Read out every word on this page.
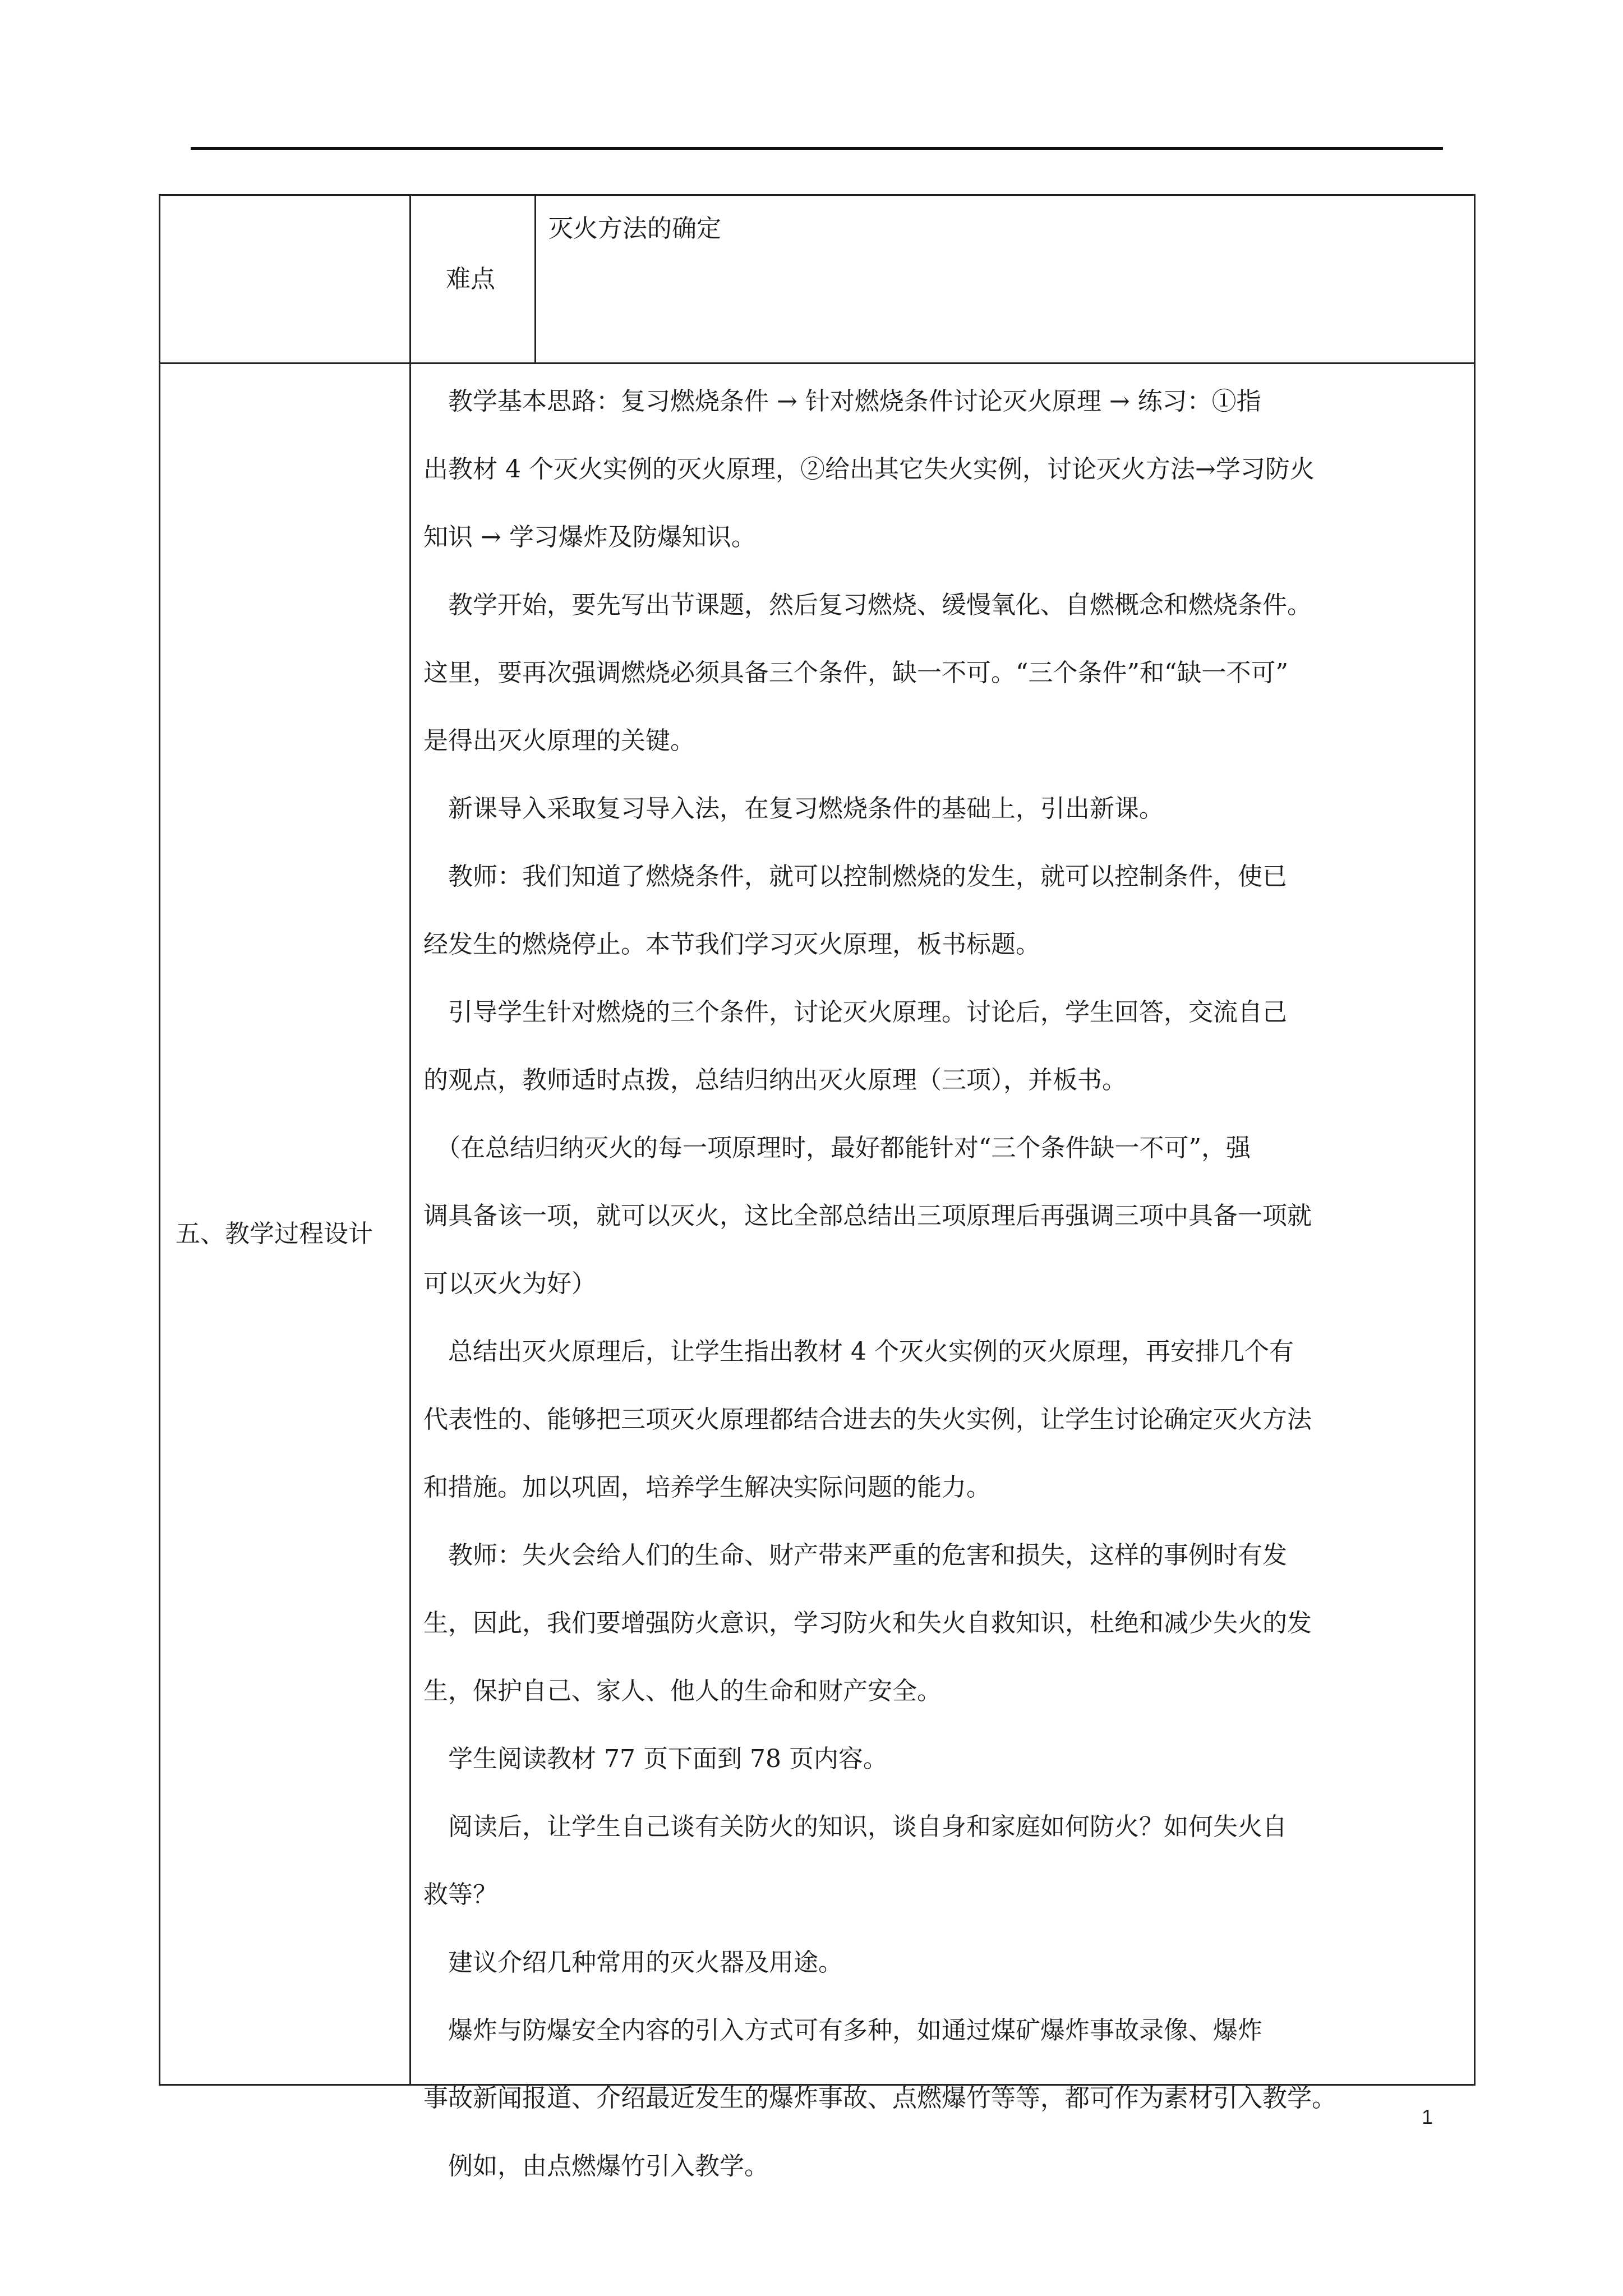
难点
灭火方法的确定
五、教学过程设计
　教学基本思路：复习燃烧条件 → 针对燃烧条件讨论灭火原理 → 练习：①指
出教材 4 个灭火实例的灭火原理，②给出其它失火实例，讨论灭火方法→学习防火
知识 → 学习爆炸及防爆知识。
　教学开始，要先写出节课题，然后复习燃烧、缓慢氧化、自燃概念和燃烧条件。
这里，要再次强调燃烧必须具备三个条件，缺一不可。“三个条件”和“缺一不可”
是得出灭火原理的关键。
　新课导入采取复习导入法，在复习燃烧条件的基础上，引出新课。
　教师：我们知道了燃烧条件，就可以控制燃烧的发生，就可以控制条件，使已
经发生的燃烧停止。本节我们学习灭火原理，板书标题。
　引导学生针对燃烧的三个条件，讨论灭火原理。讨论后，学生回答，交流自己
的观点，教师适时点拨，总结归纳出灭火原理（三项），并板书。
　（在总结归纳灭火的每一项原理时，最好都能针对“三个条件缺一不可”，强
调具备该一项，就可以灭火，这比全部总结出三项原理后再强调三项中具备一项就
可以灭火为好）
　总结出灭火原理后，让学生指出教材 4 个灭火实例的灭火原理，再安排几个有
代表性的、能够把三项灭火原理都结合进去的失火实例，让学生讨论确定灭火方法
和措施。加以巩固，培养学生解决实际问题的能力。
　教师：失火会给人们的生命、财产带来严重的危害和损失，这样的事例时有发
生，因此，我们要增强防火意识，学习防火和失火自救知识，杜绝和减少失火的发
生，保护自己、家人、他人的生命和财产安全。
　学生阅读教材 77 页下面到 78 页内容。
　阅读后，让学生自己谈有关防火的知识，谈自身和家庭如何防火？如何失火自
救等？
　建议介绍几种常用的灭火器及用途。
　爆炸与防爆安全内容的引入方式可有多种，如通过煤矿爆炸事故录像、爆炸
事故新闻报道、介绍最近发生的爆炸事故、点燃爆竹等等，都可作为素材引入教学。
　例如，由点燃爆竹引入教学。
1
